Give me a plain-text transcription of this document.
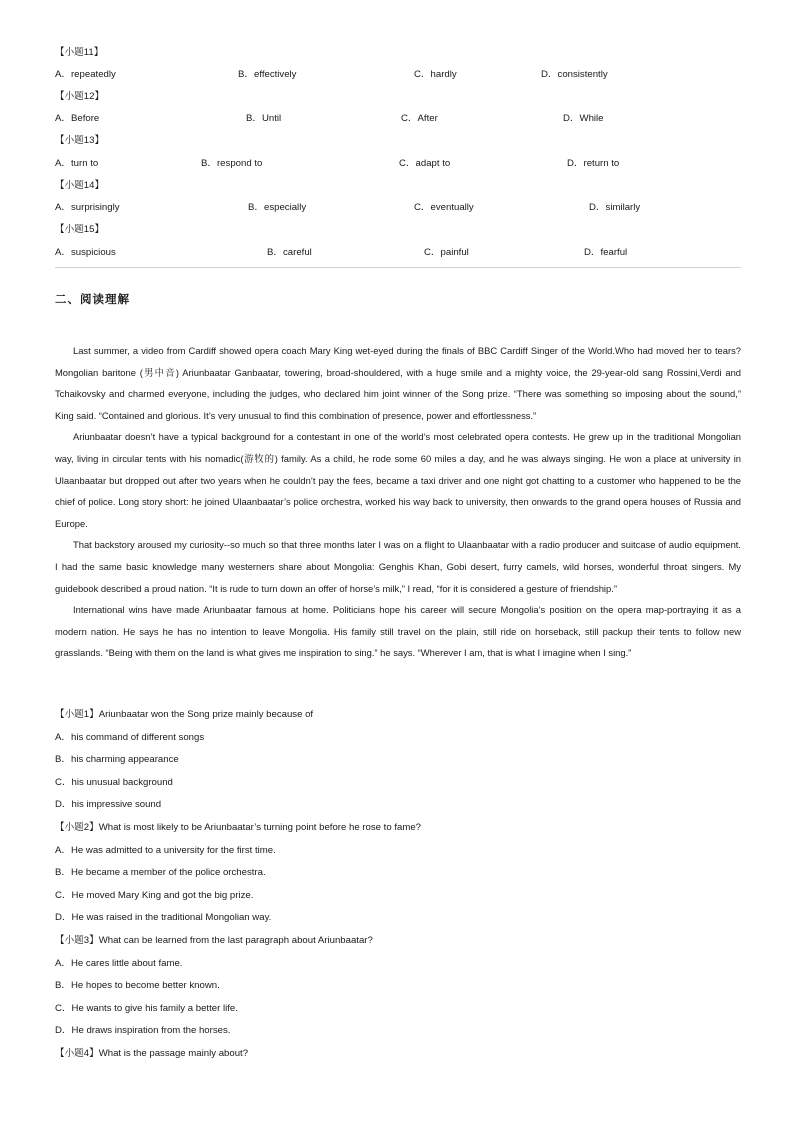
【小题11】
A．repeatedly	B．effectively	C．hardly	D．consistently
【小题12】
A．Before	B．Until	C．After	D．While
【小题13】
A．turn to	B．respond to	C．adapt to	D．return to
【小题14】
A．surprisingly	B．especially	C．eventually	D．similarly
【小题15】
A．suspicious	B．careful	C．painful	D．fearful
二、阅读理解

Last summer, a video from Cardiff showed opera coach Mary King wet-eyed during the finals of BBC Cardiff Singer of the World.Who had moved her to tears? Mongolian baritone (男中音) Ariunbaatar Ganbaatar, towering, broad-shouldered, with a huge smile and a mighty voice, the 29-year-old sang Rossini,Verdi and Tchaikovsky and charmed everyone, including the judges, who declared him joint winner of the Song prize. “There was something so imposing about the sound,” King said. “Contained and glorious. It’s very unusual to find this combination of presence, power and effortlessness.”

Ariunbaatar doesn’t have a typical background for a contestant in one of the world’s most celebrated opera contests. He grew up in the traditional Mongolian way, living in circular tents with his nomadic(游牧的) family. As a child, he rode some 60 miles a day, and he was always singing. He won a place at university in Ulaanbaatar but dropped out after two years when he couldn’t pay the fees, became a taxi driver and one night got chatting to a customer who happened to be the chief of police. Long story short: he joined Ulaanbaatar’s police orchestra, worked his way back to university, then onwards to the grand opera houses of Russia and Europe.

That backstory aroused my curiosity--so much so that three months later I was on a flight to Ulaanbaatar with a radio producer and suitcase of audio equipment. I had the same basic knowledge many westerners share about Mongolia: Genghis Khan, Gobi desert, furry camels, wild horses, wonderful throat singers. My guidebook described a proud nation. “It is rude to turn down an offer of horse’s milk,” I read, “for it is considered a gesture of friendship.”

International wins have made Ariunbaatar famous at home. Politicians hope his career will secure Mongolia’s position on the opera map-portraying it as a modern nation. He says he has no intention to leave Mongolia. His family still travel on the plain, still ride on horseback, still packup their tents to follow new grasslands. “Being with them on the land is what gives me inspiration to sing.” he says. “Wherever I am, that is what I imagine when I sing.”

【小题1】Ariunbaatar won the Song prize mainly because of
A．his command of different songs
B．his charming appearance
C．his unusual background
D．his impressive sound
【小题2】What is most likely to be Ariunbaatar’s turning point before he rose to fame?
A．He was admitted to a university for the first time.
B．He became a member of the police orchestra.
C．He moved Mary King and got the big prize.
D．He was raised in the traditional Mongolian way.
【小题3】What can be learned from the last paragraph about Ariunbaatar?
A．He cares little about fame.
B．He hopes to become better known.
C．He wants to give his family a better life.
D．He draws inspiration from the horses.
【小题4】What is the passage mainly about?
